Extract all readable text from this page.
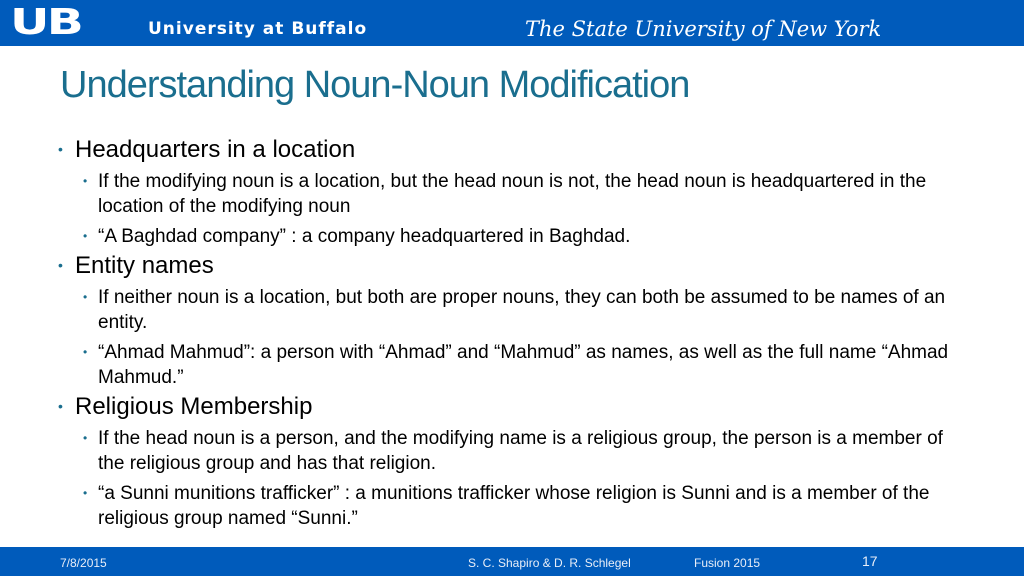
UB	University at Buffalo	The State University of New York
Understanding Noun-Noun Modification
• Headquarters in a location
• If the modifying noun is a location, but the head noun is not, the head noun is headquartered in the location of the modifying noun
• “A Baghdad company” : a company headquartered in Baghdad.
• Entity names
• If neither noun is a location, but both are proper nouns, they can both be assumed to be names of an entity.
• “Ahmad Mahmud”: a person with “Ahmad” and “Mahmud” as names, as well as the full name “Ahmad Mahmud.”
• Religious Membership
• If the head noun is a person, and the modifying name is a religious group, the person is a member of the religious group and has that religion.
• “a Sunni munitions trafficker” : a munitions trafficker whose religion is Sunni and is a member of the religious group named “Sunni.”
7/8/2015	S. C. Shapiro & D. R. Schlegel	Fusion 2015	17
